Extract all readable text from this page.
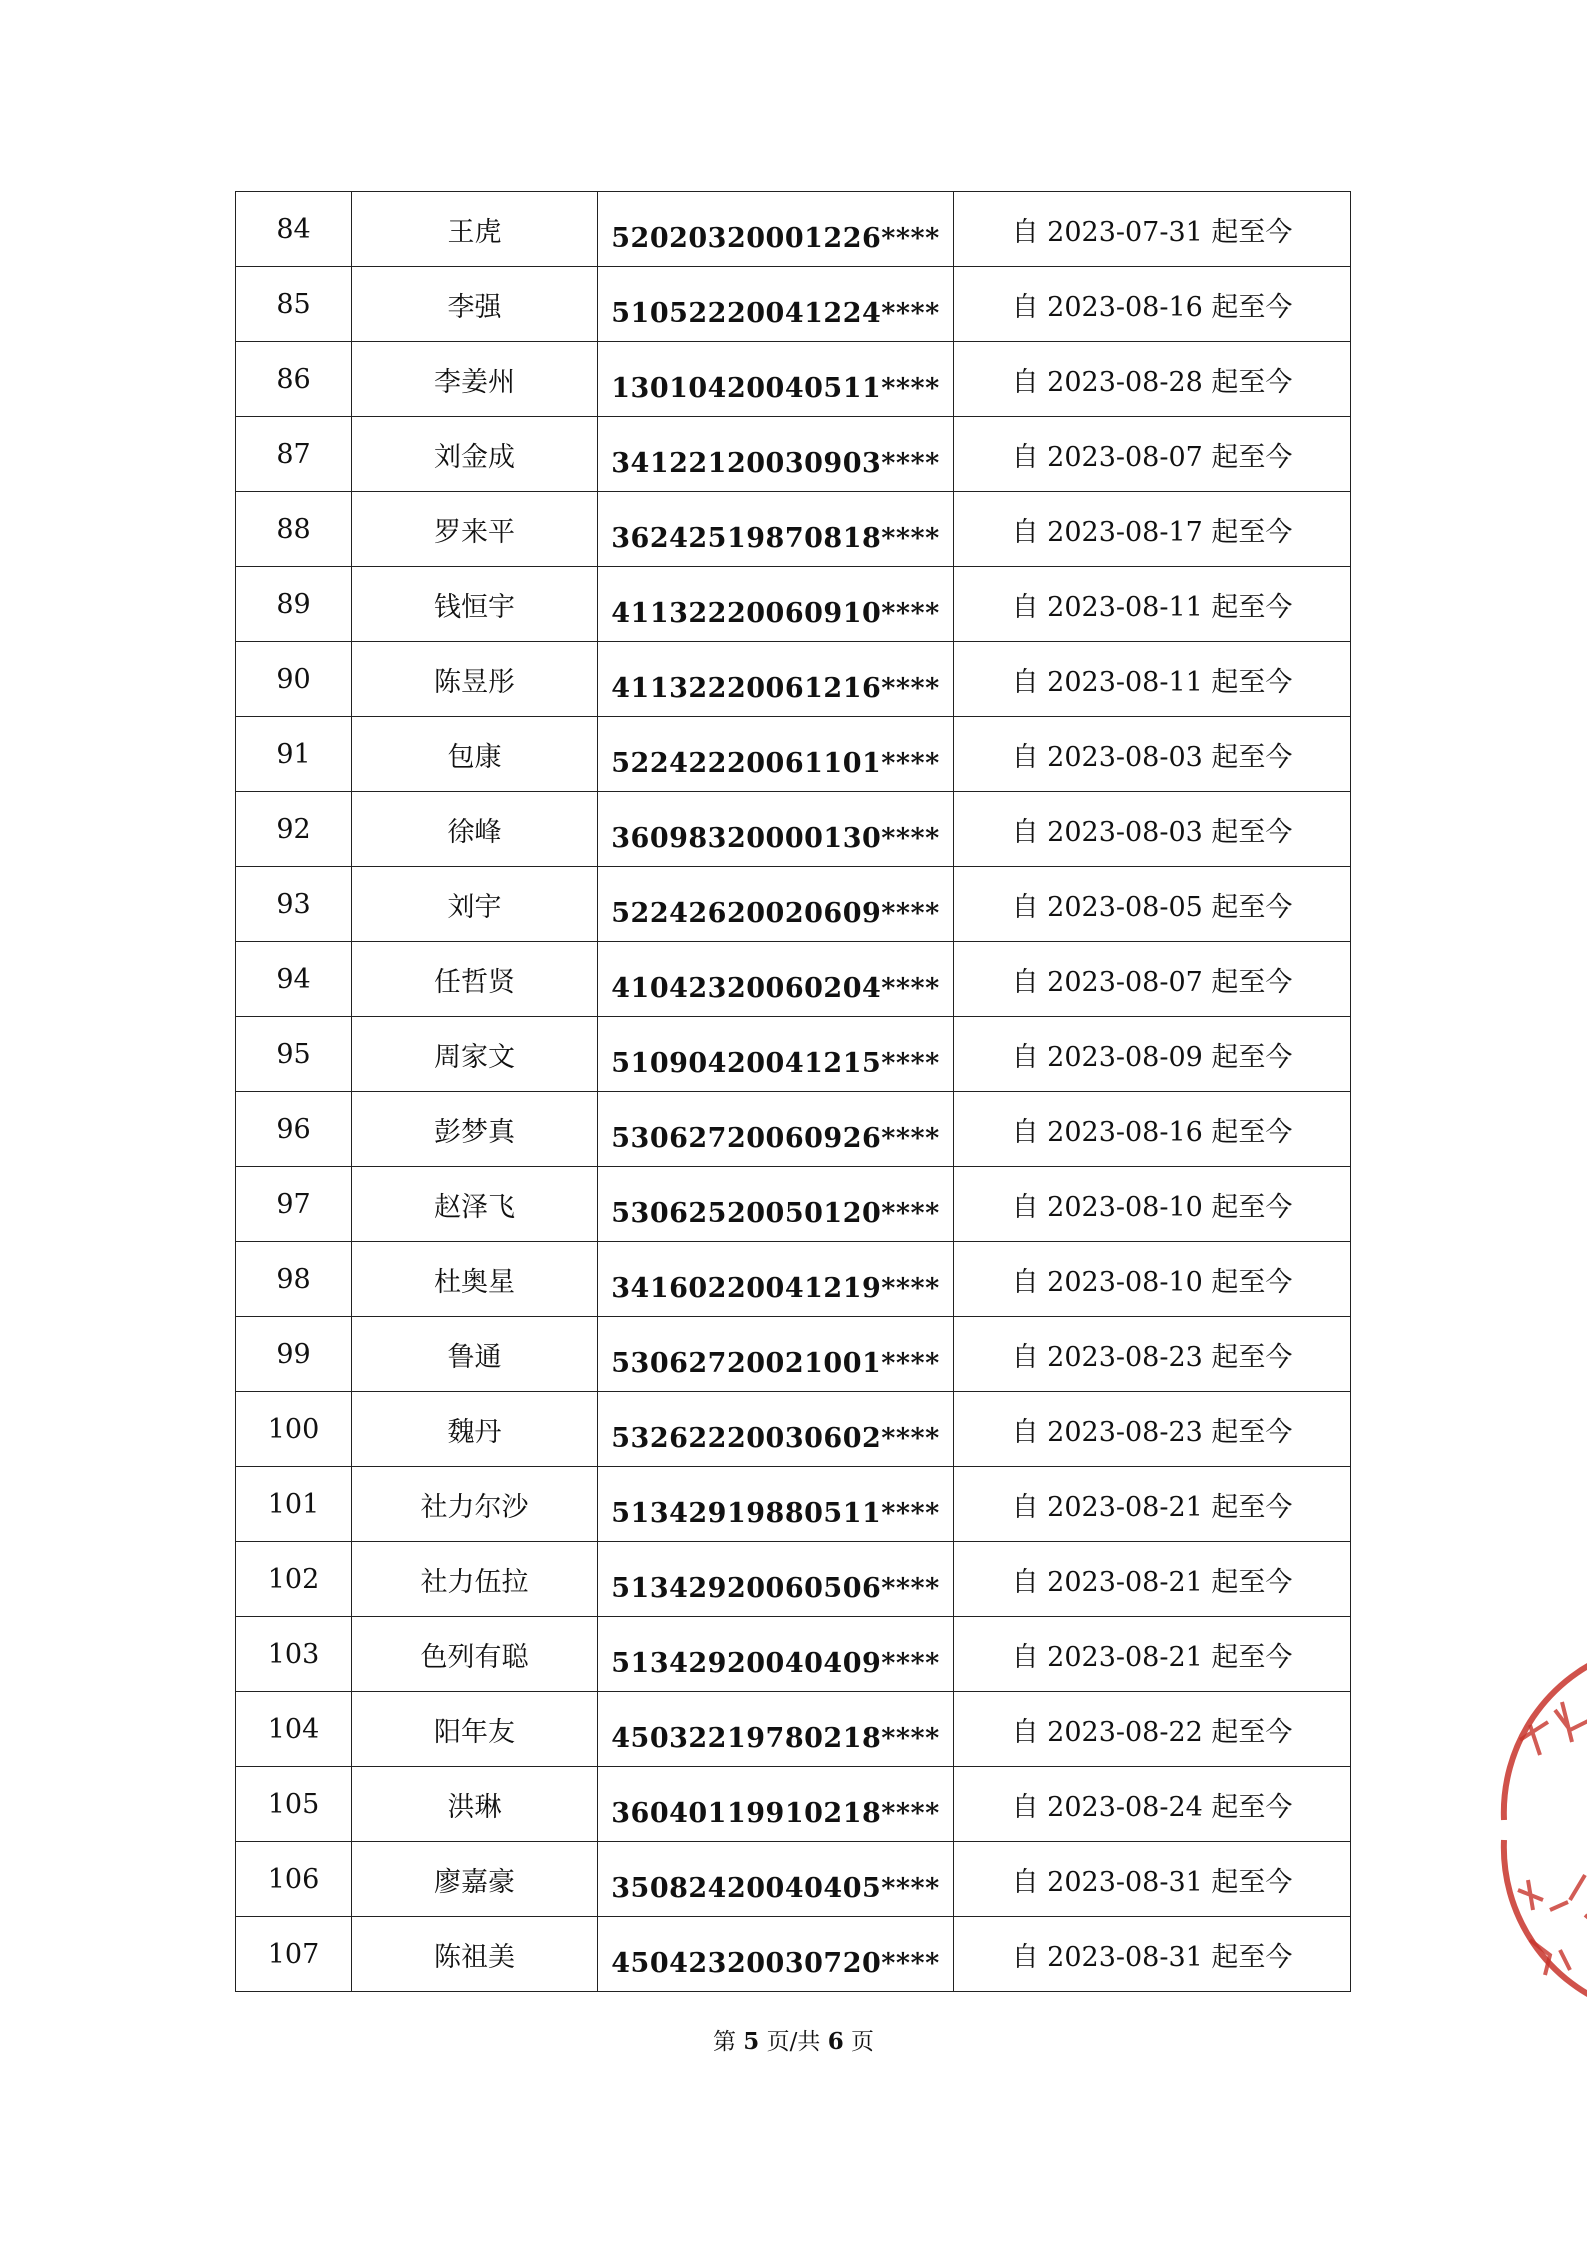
84	王虎	52020320001226****	自 2023-07-31 起至今
85	李强	51052220041224****	自 2023-08-16 起至今
86	李姜州	13010420040511****	自 2023-08-28 起至今
87	刘金成	34122120030903****	自 2023-08-07 起至今
88	罗来平	36242519870818****	自 2023-08-17 起至今
89	钱恒宇	41132220060910****	自 2023-08-11 起至今
90	陈昱彤	41132220061216****	自 2023-08-11 起至今
91	包康	52242220061101****	自 2023-08-03 起至今
92	徐峰	36098320000130****	自 2023-08-03 起至今
93	刘宇	52242620020609****	自 2023-08-05 起至今
94	任哲贤	41042320060204****	自 2023-08-07 起至今
95	周家文	51090420041215****	自 2023-08-09 起至今
96	彭梦真	53062720060926****	自 2023-08-16 起至今
97	赵泽飞	53062520050120****	自 2023-08-10 起至今
98	杜奥星	34160220041219****	自 2023-08-10 起至今
99	鲁通	53062720021001****	自 2023-08-23 起至今
100	魏丹	53262220030602****	自 2023-08-23 起至今
101	社力尔沙	51342919880511****	自 2023-08-21 起至今
102	社力伍拉	51342920060506****	自 2023-08-21 起至今
103	色列有聪	51342920040409****	自 2023-08-21 起至今
104	阳年友	45032219780218****	自 2023-08-22 起至今
105	洪琳	36040119910218****	自 2023-08-24 起至今
106	廖嘉豪	35082420040405****	自 2023-08-31 起至今
107	陈祖美	45042320030720****	自 2023-08-31 起至今
第 5 页/共 6 页
